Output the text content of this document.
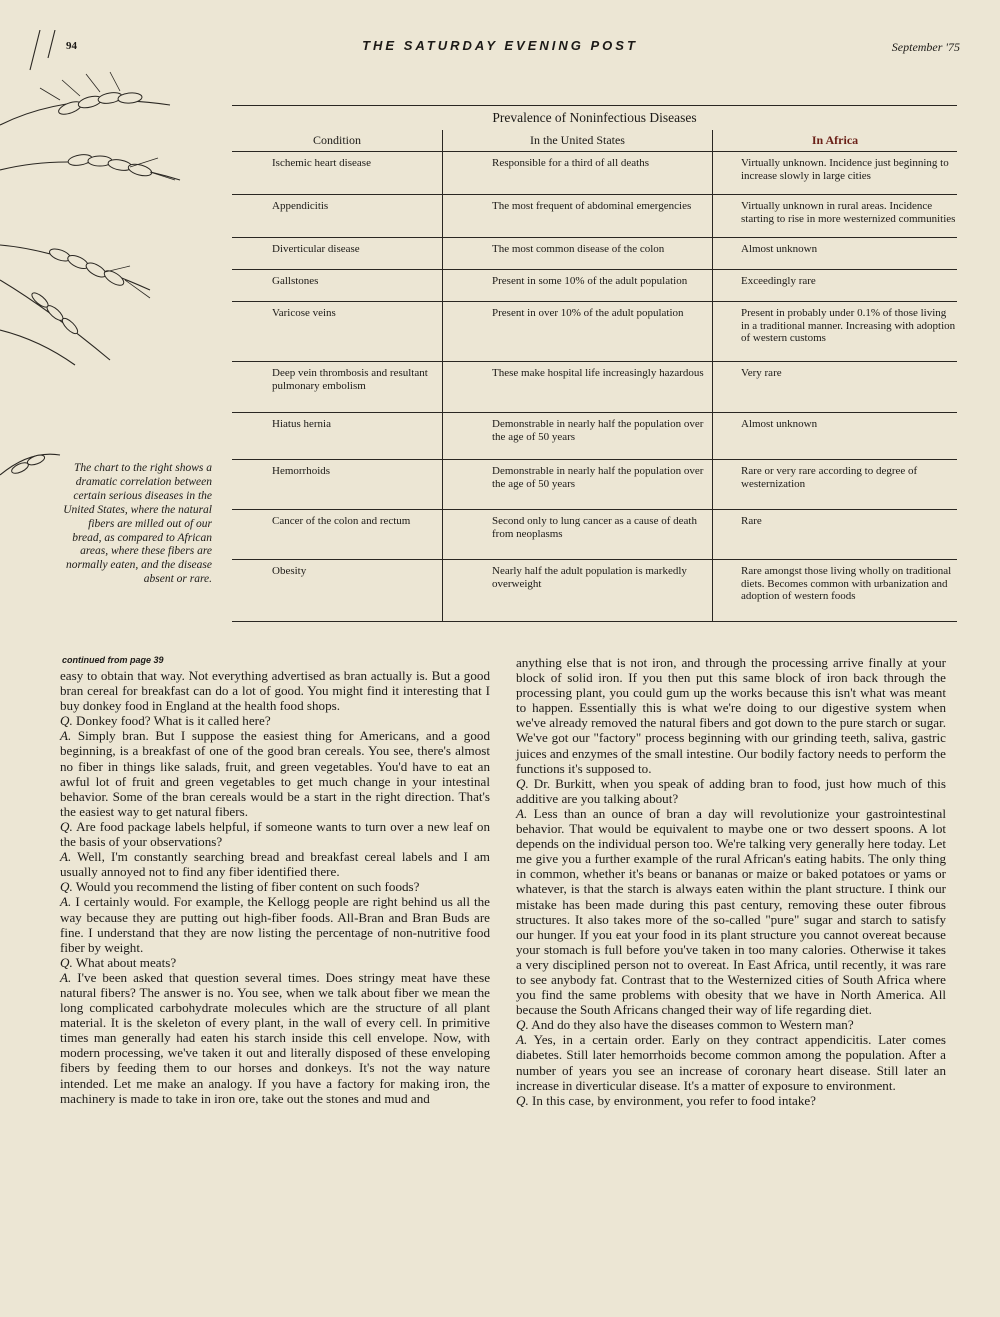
94	THE SATURDAY EVENING POST	September '75
Prevalence of Noninfectious Diseases
Condition	In the United States	In Africa
Ischemic heart disease	Responsible for a third of all deaths	Virtually unknown. Incidence just beginning to increase slowly in large cities
Appendicitis	The most frequent of abdominal emergencies	Virtually unknown in rural areas. Incidence starting to rise in more westernized communities
Diverticular disease	The most common disease of the colon	Almost unknown
Gallstones	Present in some 10% of the adult population	Exceedingly rare
Varicose veins	Present in over 10% of the adult population	Present in probably under 0.1% of those living in a traditional manner. Increasing with adoption of western customs
Deep vein thrombosis and resultant pulmonary embolism	These make hospital life increasingly hazardous	Very rare
Hiatus hernia	Demonstrable in nearly half the population over the age of 50 years	Almost unknown
Hemorrhoids	Demonstrable in nearly half the population over the age of 50 years	Rare or very rare according to degree of westernization
Cancer of the colon and rectum	Second only to lung cancer as a cause of death from neoplasms	Rare
Obesity	Nearly half the adult population is markedly overweight	Rare amongst those living wholly on traditional diets. Becomes common with urbanization and adoption of western foods
The chart to the right shows a dramatic correlation between certain serious diseases in the United States, where the natural fibers are milled out of our bread, as compared to African areas, where these fibers are normally eaten, and the disease absent or rare.
continued from page 39

easy to obtain that way. Not everything advertised as bran actually is. But a good bran cereal for breakfast can do a lot of good. You might find it interesting that I buy donkey food in England at the health food shops.

Q. Donkey food? What is it called here?

A. Simply bran. But I suppose the easiest thing for Americans, and a good beginning, is a breakfast of one of the good bran cereals. You see, there's almost no fiber in things like salads, fruit, and green vegetables. You'd have to eat an awful lot of fruit and green vegetables to get much change in your intestinal behavior. Some of the bran cereals would be a start in the right direction. That's the easiest way to get natural fibers.

Q. Are food package labels helpful, if someone wants to turn over a new leaf on the basis of your observations?

A. Well, I'm constantly searching bread and breakfast cereal labels and I am usually annoyed not to find any fiber identified there.

Q. Would you recommend the listing of fiber content on such foods?

A. I certainly would. For example, the Kellogg people are right behind us all the way because they are putting out high-fiber foods. All-Bran and Bran Buds are fine. I understand that they are now listing the percentage of non-nutritive food fiber by weight.

Q. What about meats?

A. I've been asked that question several times. Does stringy meat have these natural fibers? The answer is no. You see, when we talk about fiber we mean the long complicated carbohydrate molecules which are the structure of all plant material. It is the skeleton of every plant, in the wall of every cell. In primitive times man generally had eaten his starch inside this cell envelope. Now, with modern processing, we've taken it out and literally disposed of these enveloping fibers by feeding them to our horses and donkeys. It's not the way nature intended. Let me make an analogy. If you have a factory for making iron, the machinery is made to take in iron ore, take out the stones and mud and

anything else that is not iron, and through the processing arrive finally at your block of solid iron. If you then put this same block of iron back through the processing plant, you could gum up the works because this isn't what was meant to happen. Essentially this is what we're doing to our digestive system when we've already removed the natural fibers and got down to the pure starch or sugar. We've got our "factory" process beginning with our grinding teeth, saliva, gastric juices and enzymes of the small intestine. Our bodily factory needs to perform the functions it's supposed to.

Q. Dr. Burkitt, when you speak of adding bran to food, just how much of this additive are you talking about?

A. Less than an ounce of bran a day will revolutionize your gastrointestinal behavior. That would be equivalent to maybe one or two dessert spoons. A lot depends on the individual person too. We're talking very generally here today. Let me give you a further example of the rural African's eating habits. The only thing in common, whether it's beans or bananas or maize or baked potatoes or yams or whatever, is that the starch is always eaten within the plant structure. I think our mistake has been made during this past century, removing these outer fibrous structures. It also takes more of the so-called "pure" sugar and starch to satisfy our hunger. If you eat your food in its plant structure you cannot overeat because your stomach is full before you've taken in too many calories. Otherwise it takes a very disciplined person not to overeat. In East Africa, until recently, it was rare to see anybody fat. Contrast that to the Westernized cities of South Africa where you find the same problems with obesity that we have in North America. All because the South Africans changed their way of life regarding diet.

Q. And do they also have the diseases common to Western man?

A. Yes, in a certain order. Early on they contract appendicitis. Later comes diabetes. Still later hemorrhoids become common among the population. After a number of years you see an increase of coronary heart disease. Still later an increase in diverticular disease. It's a matter of exposure to environment.

Q. In this case, by environment, you refer to food intake?
